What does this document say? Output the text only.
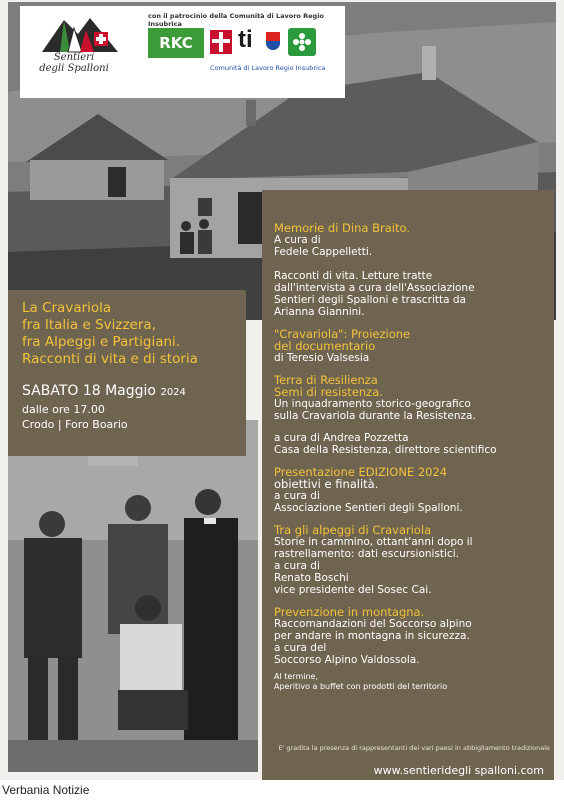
Sentieri
degli Spalloni
con il patrocinio della Comunità di Lavoro Regio Insubrica
RKC	ti
Comunità di Lavoro Regio Insubrica
La Cravariola
fra Italia e Svizzera,
fra Alpeggi e Partigiani.
Racconti di vita e di storia
SABATO 18 Maggio 2024
dalle ore 17.00
Crodo | Foro Boario
Memorie di Dina Braito.
A cura di
Fedele Cappelletti.
Racconti di vita. Letture tratte
dall'intervista a cura dell'Associazione
Sentieri degli Spalloni e trascritta da
Arianna Giannini.
"Cravariola": Proiezione
del documentario
di Teresio Valsesia
Terra di Resilienza
Semi di resistenza.
Un inquadramento storico-geografico
sulla Cravariola durante la Resistenza.
a cura di Andrea Pozzetta
Casa della Resistenza, direttore scientifico
Presentazione EDIZIONE 2024
obiettivi e finalità.
a cura di
Associazione Sentieri degli Spalloni.
Tra gli alpeggi di Cravariola
Storie in cammino, ottant'anni dopo il
rastrellamento: dati escursionistici.
a cura di
Renato Boschi
vice presidente del Sosec Cai.
Prevenzione in montagna.
Raccomandazioni del Soccorso alpino
per andare in montagna in sicurezza.
a cura del
Soccorso Alpino Valdossola.
Al termine,
Aperitivo a buffet con prodotti del territorio
E' gradita la presenza di rappresentanti dei vari paesi in abbigliamento tradizionale
www.sentieridegli spalloni.com
Verbania Notizie
